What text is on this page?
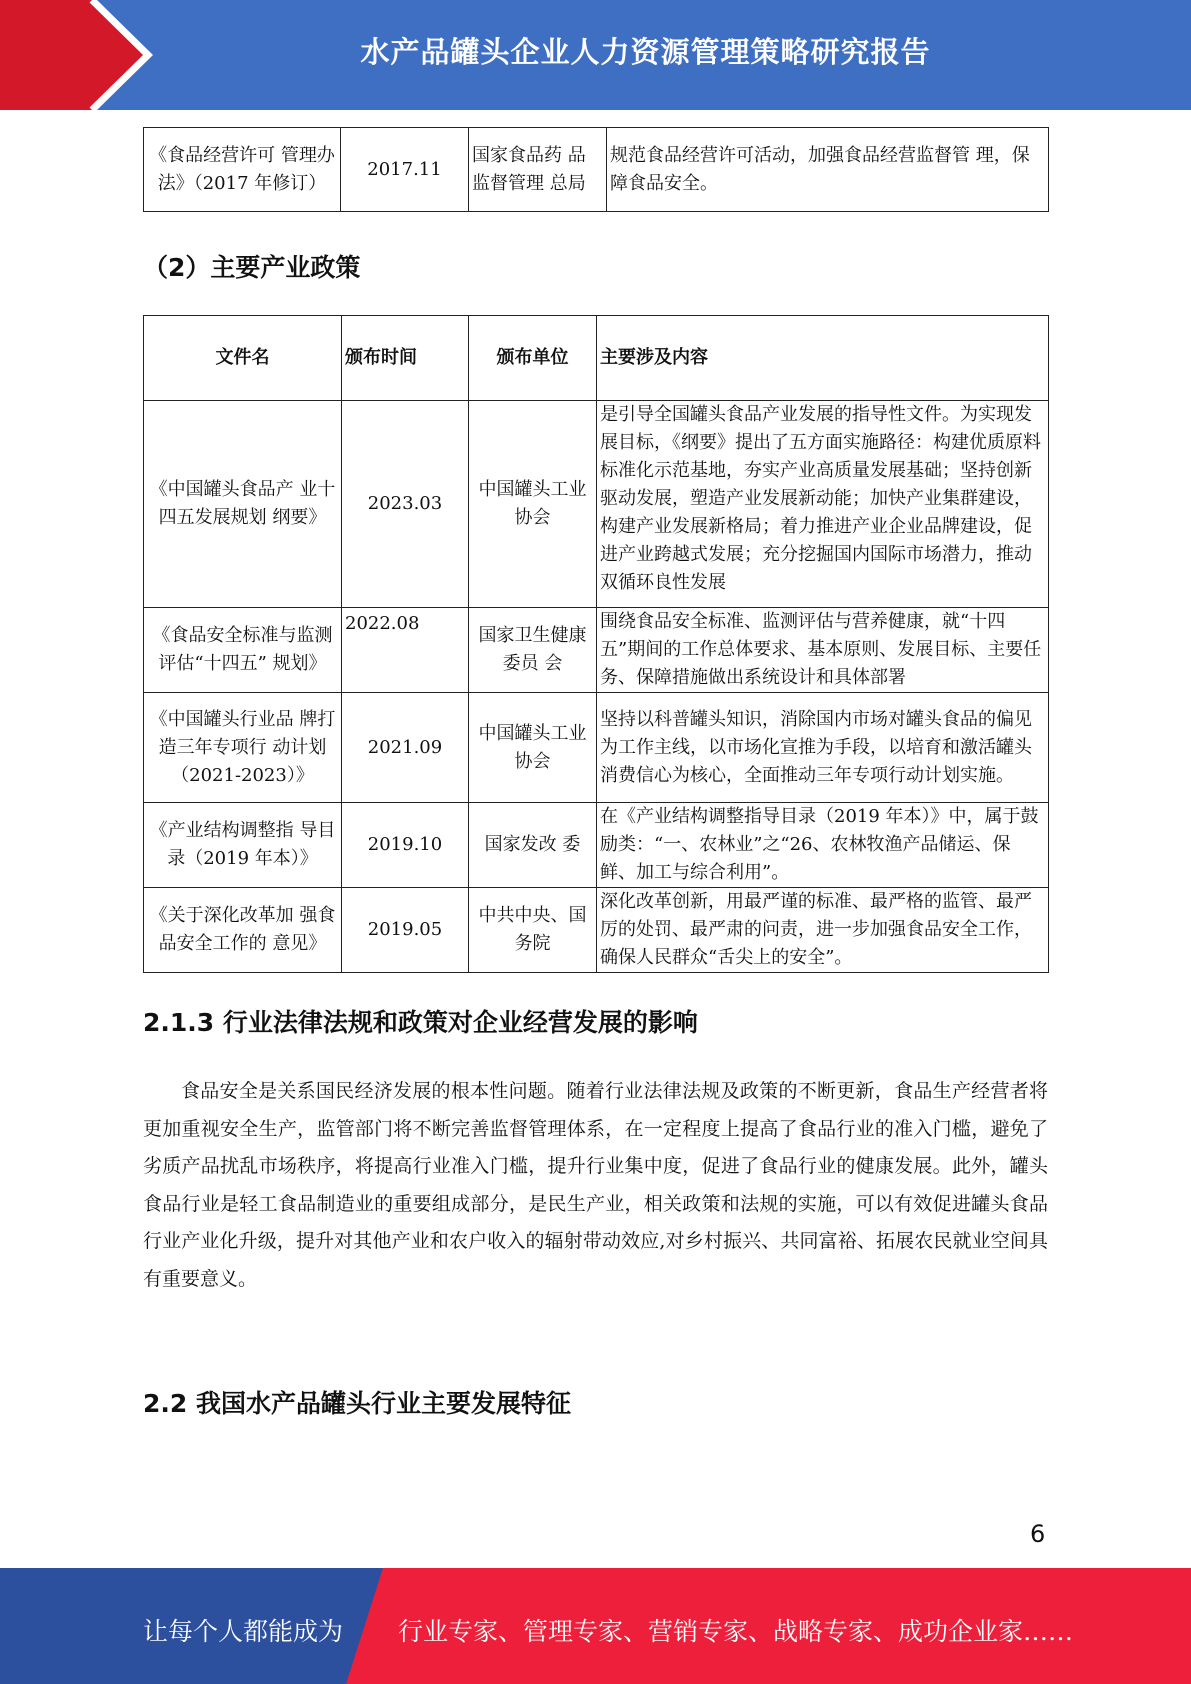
水产品罐头企业人力资源管理策略研究报告
《食品经营许可 管理办法》（2017 年修订）	2017.11	国家食品药 品监督管理 总局	规范食品经营许可活动，加强食品经营监督管 理，保障食品安全。
（2）主要产业政策
文件名	颁布时间	颁布单位	主要涉及内容
《中国罐头食品产 业十四五发展规划 纲要》	2023.03	中国罐头工业协会	是引导全国罐头食品产业发展的指导性文件。为实现发展目标，《纲要》提出了五方面实施路径：构建优质原料标准化示范基地，夯实产业高质量发展基础；坚持创新驱动发展，塑造产业发展新动能；加快产业集群建设，构建产业发展新格局；着力推进产业企业品牌建设，促进产业跨越式发展；充分挖掘国内国际市场潜力，推动双循环良性发展

《食品安全标准与监测评估“十四五” 规划》	2022.08	国家卫生健康委员 会	围绕食品安全标准、监测评估与营养健康，就“十四五”期间的工作总体要求、基本原则、发展目标、主要任务、保障措施做出系统设计和具体部署

《中国罐头行业品 牌打造三年专项行 动计划（2021-2023）》	2021.09	中国罐头工业协会	坚持以科普罐头知识，消除国内市场对罐头食品的偏见为工作主线，以市场化宣推为手段，以培育和激活罐头消费信心为核心，全面推动三年专项行动计划实施。
《产业结构调整指 导目录（2019 年本）》	2019.10	国家发改 委	在《产业结构调整指导目录（2019 年本）》中，属于鼓励类：“一、农林业”之“26、农林牧渔产品储运、保鲜、加工与综合利用”。
《关于深化改革加 强食品安全工作的 意见》	2019.05	中共中央、国务院	深化改革创新，用最严谨的标准、最严格的监管、最严厉的处罚、最严肃的问责，进一步加强食品安全工作，确保人民群众“舌尖上的安全”。
2.1.3 行业法律法规和政策对企业经营发展的影响

食品安全是关系国民经济发展的根本性问题。随着行业法律法规及政策的不断更新，食品生产经营者将更加重视安全生产，监管部门将不断完善监督管理体系，在一定程度上提高了食品行业的准入门槛，避免了劣质产品扰乱市场秩序，将提高行业准入门槛，提升行业集中度，促进了食品行业的健康发展。此外，罐头食品行业是轻工食品制造业的重要组成部分，是民生产业，相关政策和法规的实施，可以有效促进罐头食品行业产业化升级，提升对其他产业和农户收入的辐射带动效应,对乡村振兴、共同富裕、拓展农民就业空间具有重要意义。

2.2 我国水产品罐头行业主要发展特征
6
让每个人都能成为 行业专家、管理专家、营销专家、战略专家、成功企业家……
